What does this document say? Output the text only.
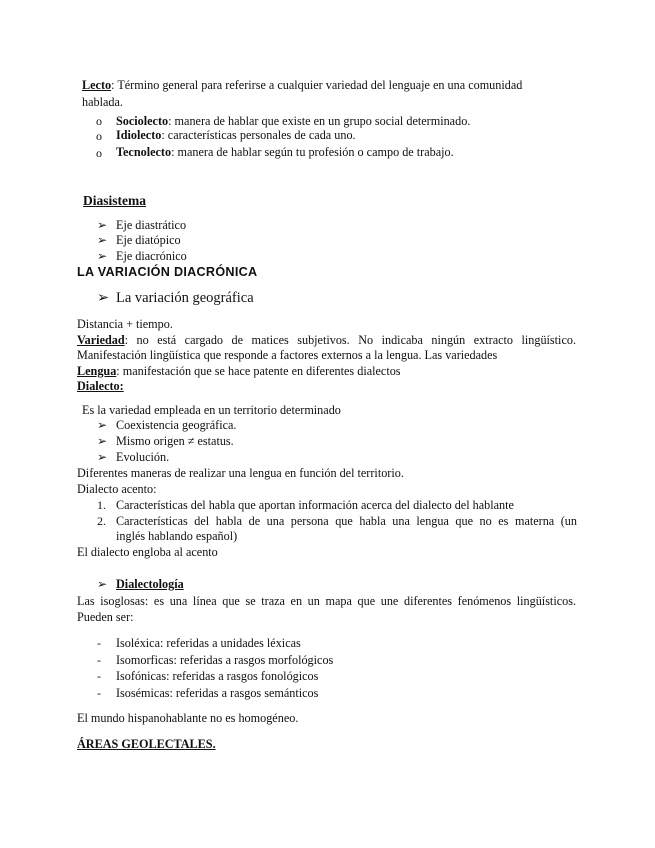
Lecto: Término general para referirse a cualquier variedad del lenguaje en una comunidad
hablada.
o Sociolecto: manera de hablar que existe en un grupo social determinado.
o Idiolecto: características personales de cada uno.
o Tecnolecto: manera de hablar según tu profesión o campo de trabajo.
Diasistema
➢ Eje diastrático
➢ Eje diatópico
➢ Eje diacrónico
LA VARIACIÓN DIACRÓNICA
➢ La variación geográfica
Distancia + tiempo.
Variedad: no está cargado de matices subjetivos. No indicaba ningún extracto lingüístico.
Manifestación lingüística que responde a factores externos a la lengua. Las variedades
Lengua: manifestación que se hace patente en diferentes dialectos
Dialecto:
Es la variedad empleada en un territorio determinado
➢ Coexistencia geográfica.
➢ Mismo origen ≠ estatus.
➢ Evolución.
Diferentes maneras de realizar una lengua en función del territorio.
Dialecto acento:
1. Características del habla que aportan información acerca del dialecto del hablante
2. Características del habla de una persona que habla una lengua que no es materna (un
inglés hablando español)
El dialecto engloba al acento
➢ Dialectología
Las isoglosas: es una línea que se traza en un mapa que une diferentes fenómenos lingüísticos.
Pueden ser:
- Isoléxica: referidas a unidades léxicas
- Isomorficas: referidas a rasgos morfológicos
- Isofónicas: referidas a rasgos fonológicos
- Isosémicas: referidas a rasgos semánticos
El mundo hispanohablante no es homogéneo.
ÁREAS GEOLECTALES.
